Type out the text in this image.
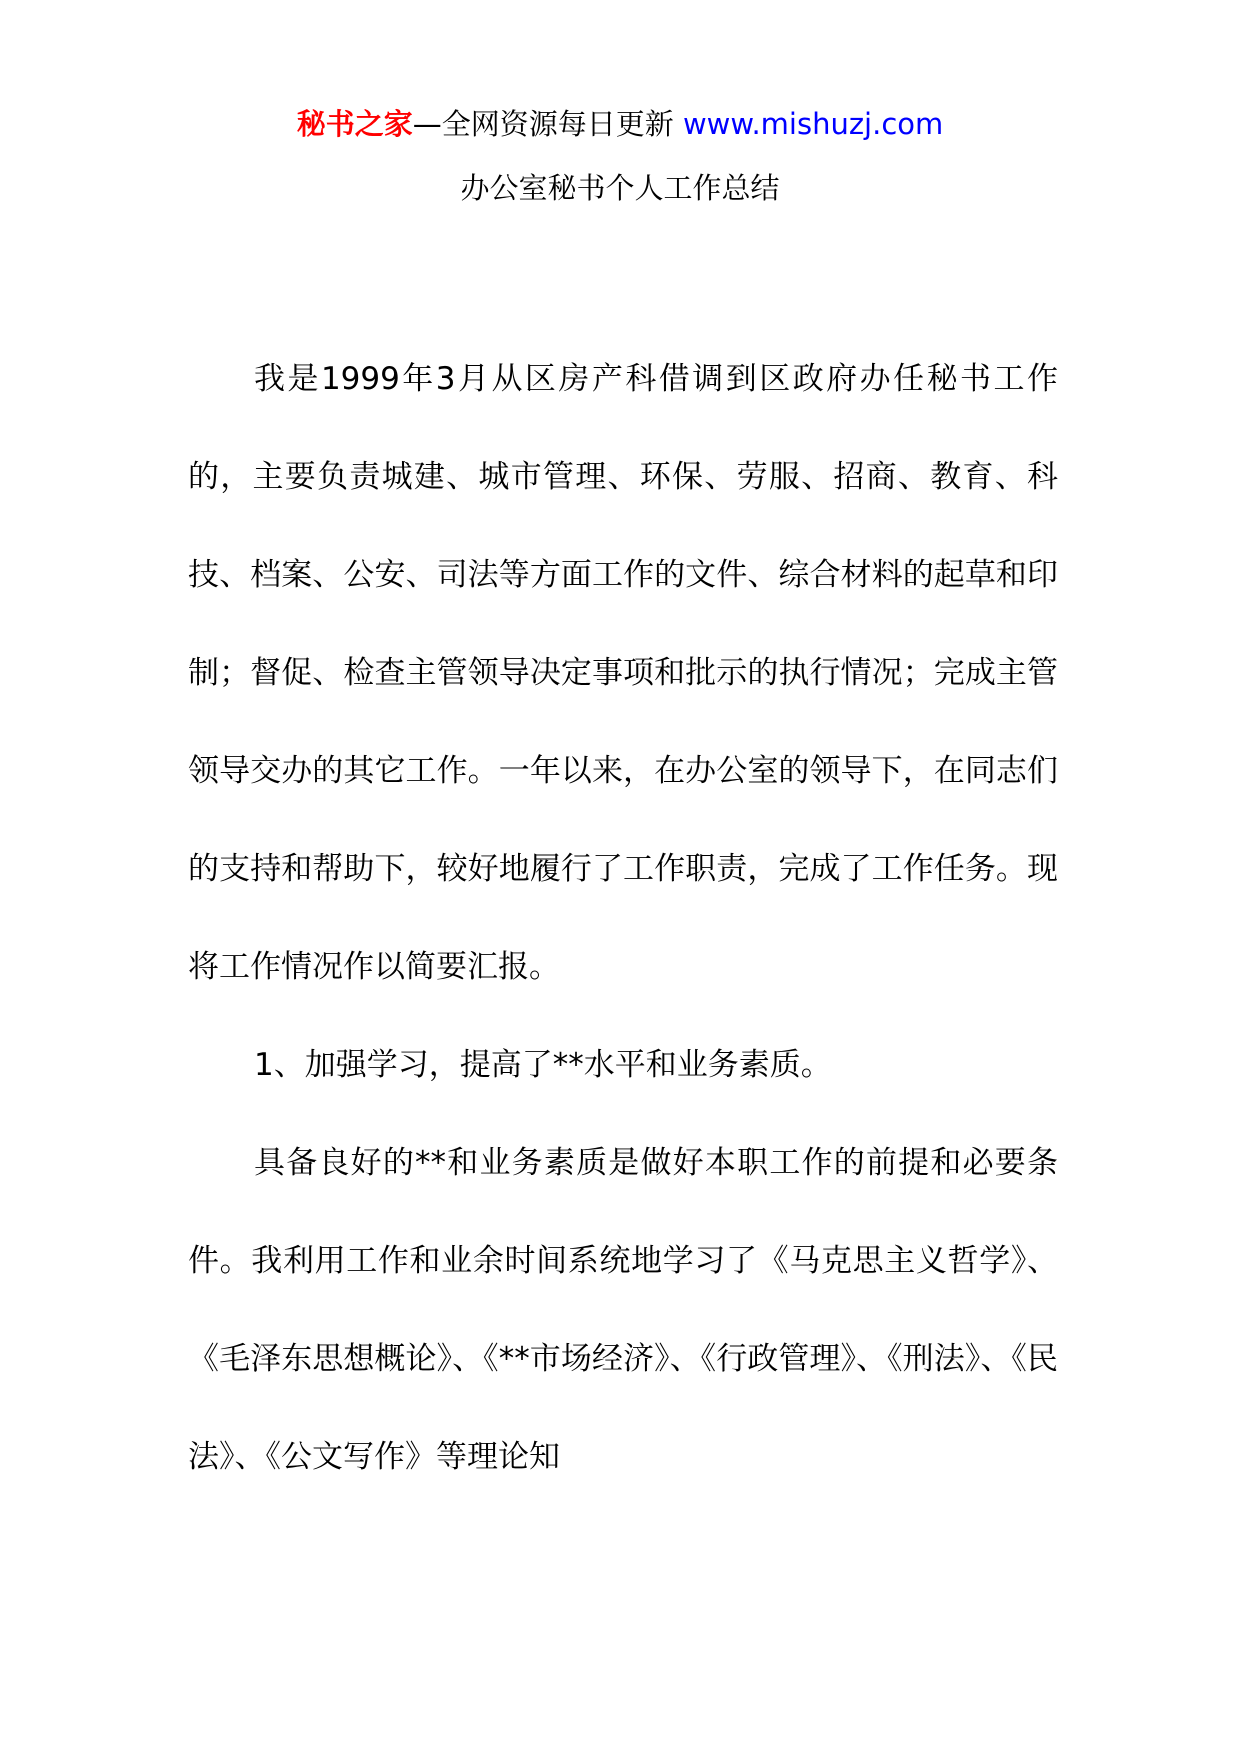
秘书之家—全网资源每日更新 www.mishuzj.com
办公室秘书个人工作总结

我是1999年3月从区房产科借调到区政府办任秘书工作的，主要负责城建、城市管理、环保、劳服、招商、教育、科技、档案、公安、司法等方面工作的文件、综合材料的起草和印制；督促、检查主管领导决定事项和批示的执行情况；完成主管领导交办的其它工作。一年以来，在办公室的领导下，在同志们的支持和帮助下，较好地履行了工作职责，完成了工作任务。现将工作情况作以简要汇报。

1、加强学习，提高了**水平和业务素质。

具备良好的**和业务素质是做好本职工作的前提和必要条件。我利用工作和业余时间系统地学习了《马克思主义哲学》、《毛泽东思想概论》、《**市场经济》、《行政管理》、《刑法》、《民法》、《公文写作》等理论知
